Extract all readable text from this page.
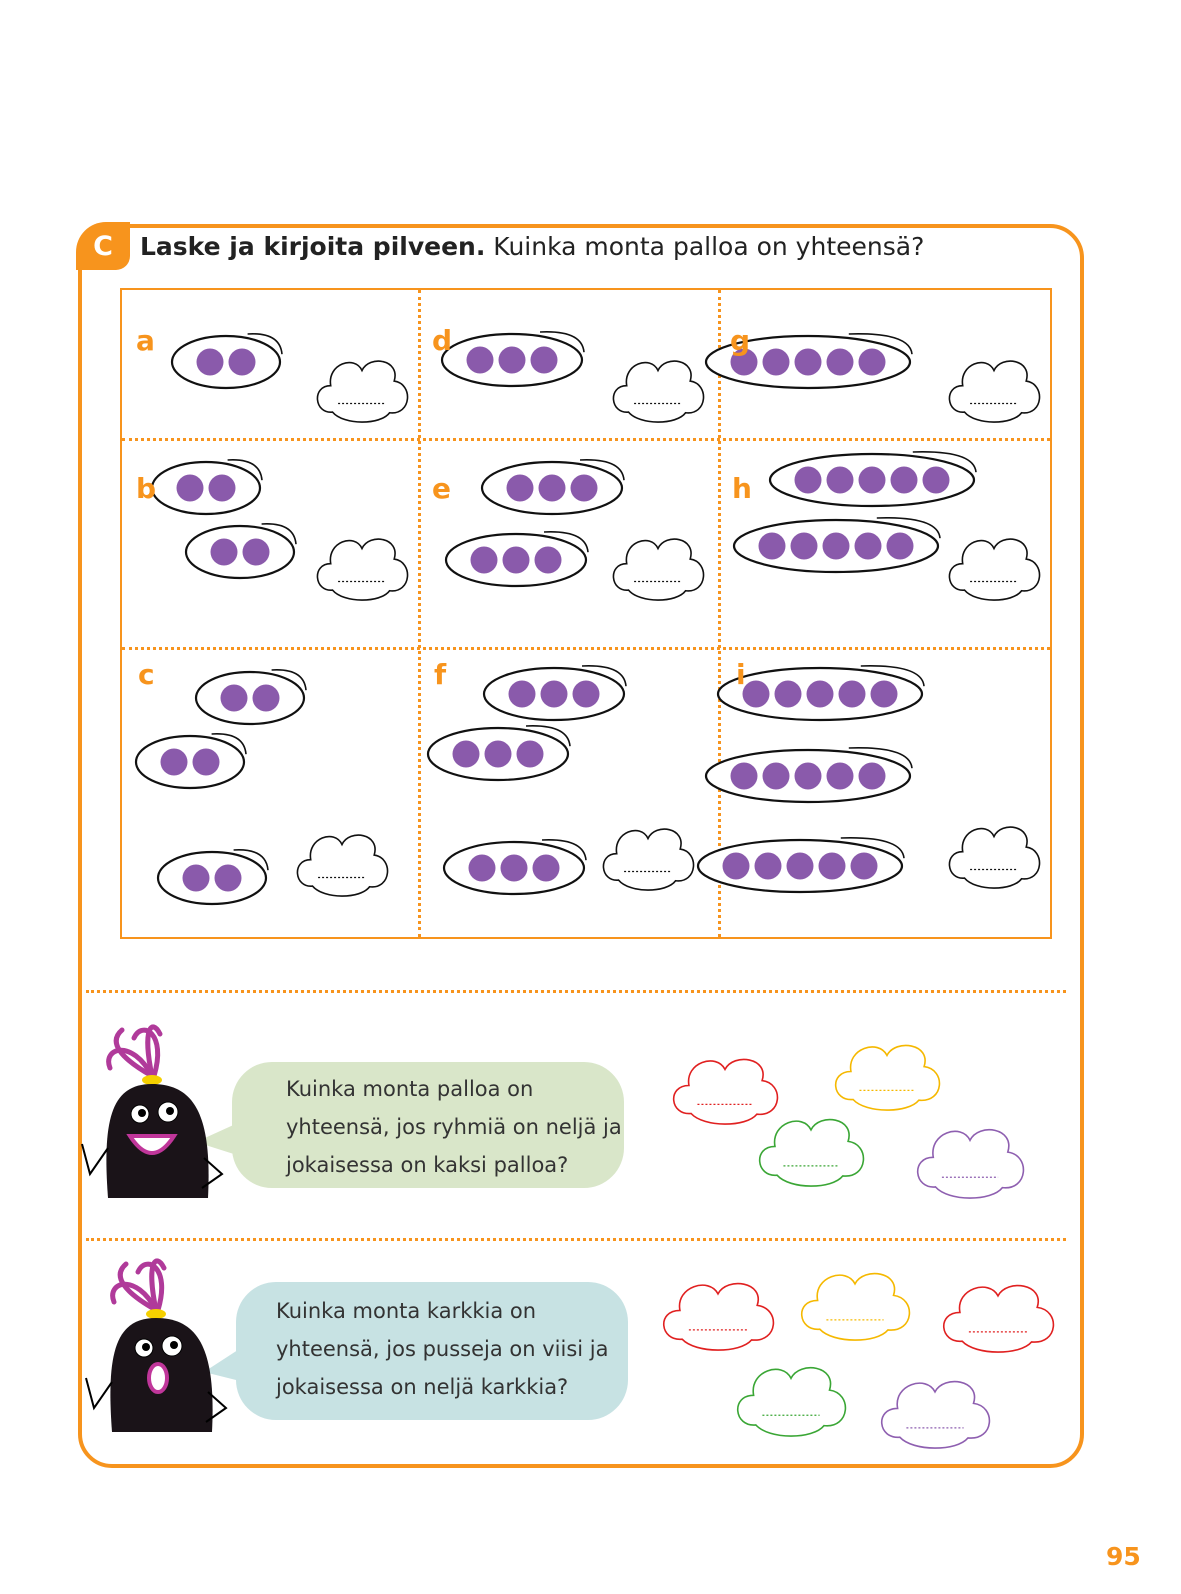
C	Laske ja kirjoita pilveen. Kuinka monta palloa on yhteensä?
a
b
c
d
e
f
g
h
i

Kuinka monta palloa on

yhteensä, jos ryhmiä on neljä ja

jokaisessa on kaksi palloa?

Kuinka monta karkkia on

yhteensä, jos pusseja on viisi ja

jokaisessa on neljä karkkia?

95
